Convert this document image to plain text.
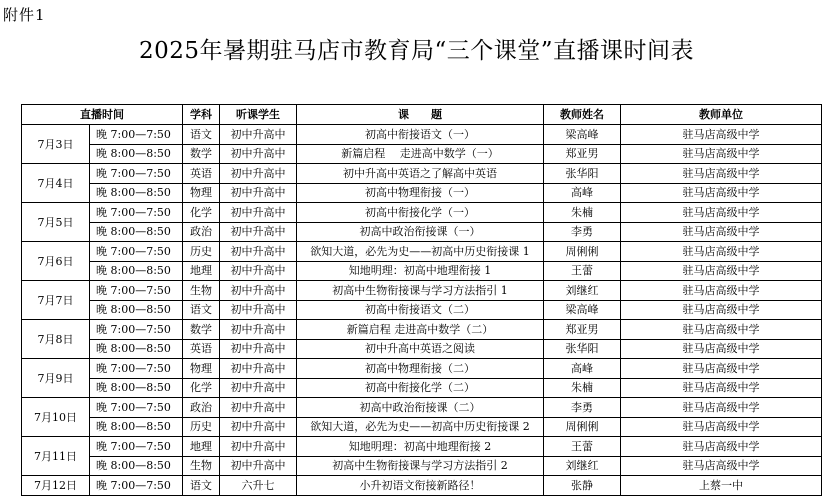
附件1
2025年暑期驻马店市教育局“三个课堂”直播课时间表
直播时间		学科	听课学生	课　　题	教师姓名	教师单位
7月3日	晚 7:00—7:50	语文	初中升高中	初高中衔接语文（一）	梁高峰	驻马店高级中学
	晚 8:00—8:50	数学	初中升高中	新篇启程　 走进高中数学（一）	郑亚男	驻马店高级中学
7月4日	晚 7:00—7:50	英语	初中升高中	初中升高中英语之了解高中英语	张华阳	驻马店高级中学
	晚 8:00—8:50	物理	初中升高中	初高中物理衔接（一）	高峰	驻马店高级中学
7月5日	晚 7:00—7:50	化学	初中升高中	初高中衔接化学（一）	朱楠	驻马店高级中学
	晚 8:00—8:50	政治	初中升高中	初高中政治衔接课（一）	李勇	驻马店高级中学
7月6日	晚 7:00—7:50	历史	初中升高中	欲知大道，必先为史——初高中历史衔接课 1	周俐俐	驻马店高级中学
	晚 8:00—8:50	地理	初中升高中	知地明理：初高中地理衔接 1	王蕾	驻马店高级中学
7月7日	晚 7:00—7:50	生物	初中升高中	初高中生物衔接课与学习方法指引 1	刘继红	驻马店高级中学
	晚 8:00—8:50	语文	初中升高中	初高中衔接语文（二）	梁高峰	驻马店高级中学
7月8日	晚 7:00—7:50	数学	初中升高中	新篇启程 走进高中数学（二）	郑亚男	驻马店高级中学
	晚 8:00—8:50	英语	初中升高中	初中升高中英语之阅读	张华阳	驻马店高级中学
7月9日	晚 7:00—7:50	物理	初中升高中	初高中物理衔接（二）	高峰	驻马店高级中学
	晚 8:00—8:50	化学	初中升高中	初高中衔接化学（二）	朱楠	驻马店高级中学
7月10日	晚 7:00—7:50	政治	初中升高中	初高中政治衔接课（二）	李勇	驻马店高级中学
	晚 8:00—8:50	历史	初中升高中	欲知大道，必先为史——初高中历史衔接课 2	周俐俐	驻马店高级中学
7月11日	晚 7:00—7:50	地理	初中升高中	知地明理：初高中地理衔接 2	王蕾	驻马店高级中学
	晚 8:00—8:50	生物	初中升高中	初高中生物衔接课与学习方法指引 2	刘继红	驻马店高级中学
7月12日	晚 7:00—7:50	语文	六升七	小升初语文衔接新路径！	张静	上蔡一中
